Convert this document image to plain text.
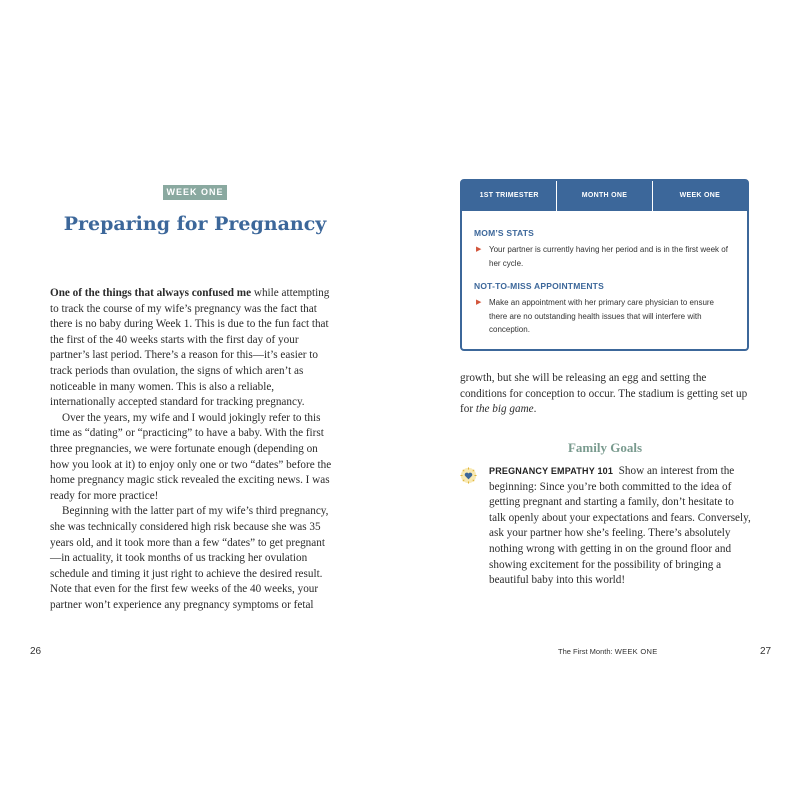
WEEK ONE
Preparing for Pregnancy

One of the things that always confused me while attempting to track the course of my wife’s pregnancy was the fact that there is no baby during Week 1. This is due to the fun fact that the first of the 40 weeks starts with the first day of your partner’s last period. There’s a reason for this—it’s easier to track periods than ovulation, the signs of which aren’t as noticeable in many women. This is also a reliable, internationally accepted standard for tracking pregnancy.

Over the years, my wife and I would jokingly refer to this time as “dating” or “practicing” to have a baby. With the first three pregnancies, we were fortunate enough (depending on how you look at it) to enjoy only one or two “dates” before the home pregnancy magic stick revealed the exciting news. I was ready for more practice!

Beginning with the latter part of my wife’s third pregnancy, she was technically considered high risk because she was 35 years old, and it took more than a few “dates” to get pregnant—in actuality, it took months of us tracking her ovulation schedule and timing it just right to achieve the desired result. Note that even for the first few weeks of the 40 weeks, your partner won’t experience any pregnancy symptoms or fetal

26
1ST TRIMESTER	MONTH ONE	WEEK ONE
MOM’S STATS
▶ Your partner is currently having her period and is in the first week of her cycle.
NOT-TO-MISS APPOINTMENTS
▶ Make an appointment with her primary care physician to ensure there are no outstanding health issues that will interfere with conception.

growth, but she will be releasing an egg and setting the conditions for conception to occur. The stadium is getting set up for the big game.

Family Goals
PREGNANCY EMPATHY 101 Show an interest from the beginning: Since you’re both committed to the idea of getting pregnant and starting a family, don’t hesitate to talk openly about your expectations and fears. Conversely, ask your partner how she’s feeling. There’s absolutely nothing wrong with getting in on the ground floor and showing excitement for the possibility of bringing a beautiful baby into this world!
The First Month: WEEK ONE	27
